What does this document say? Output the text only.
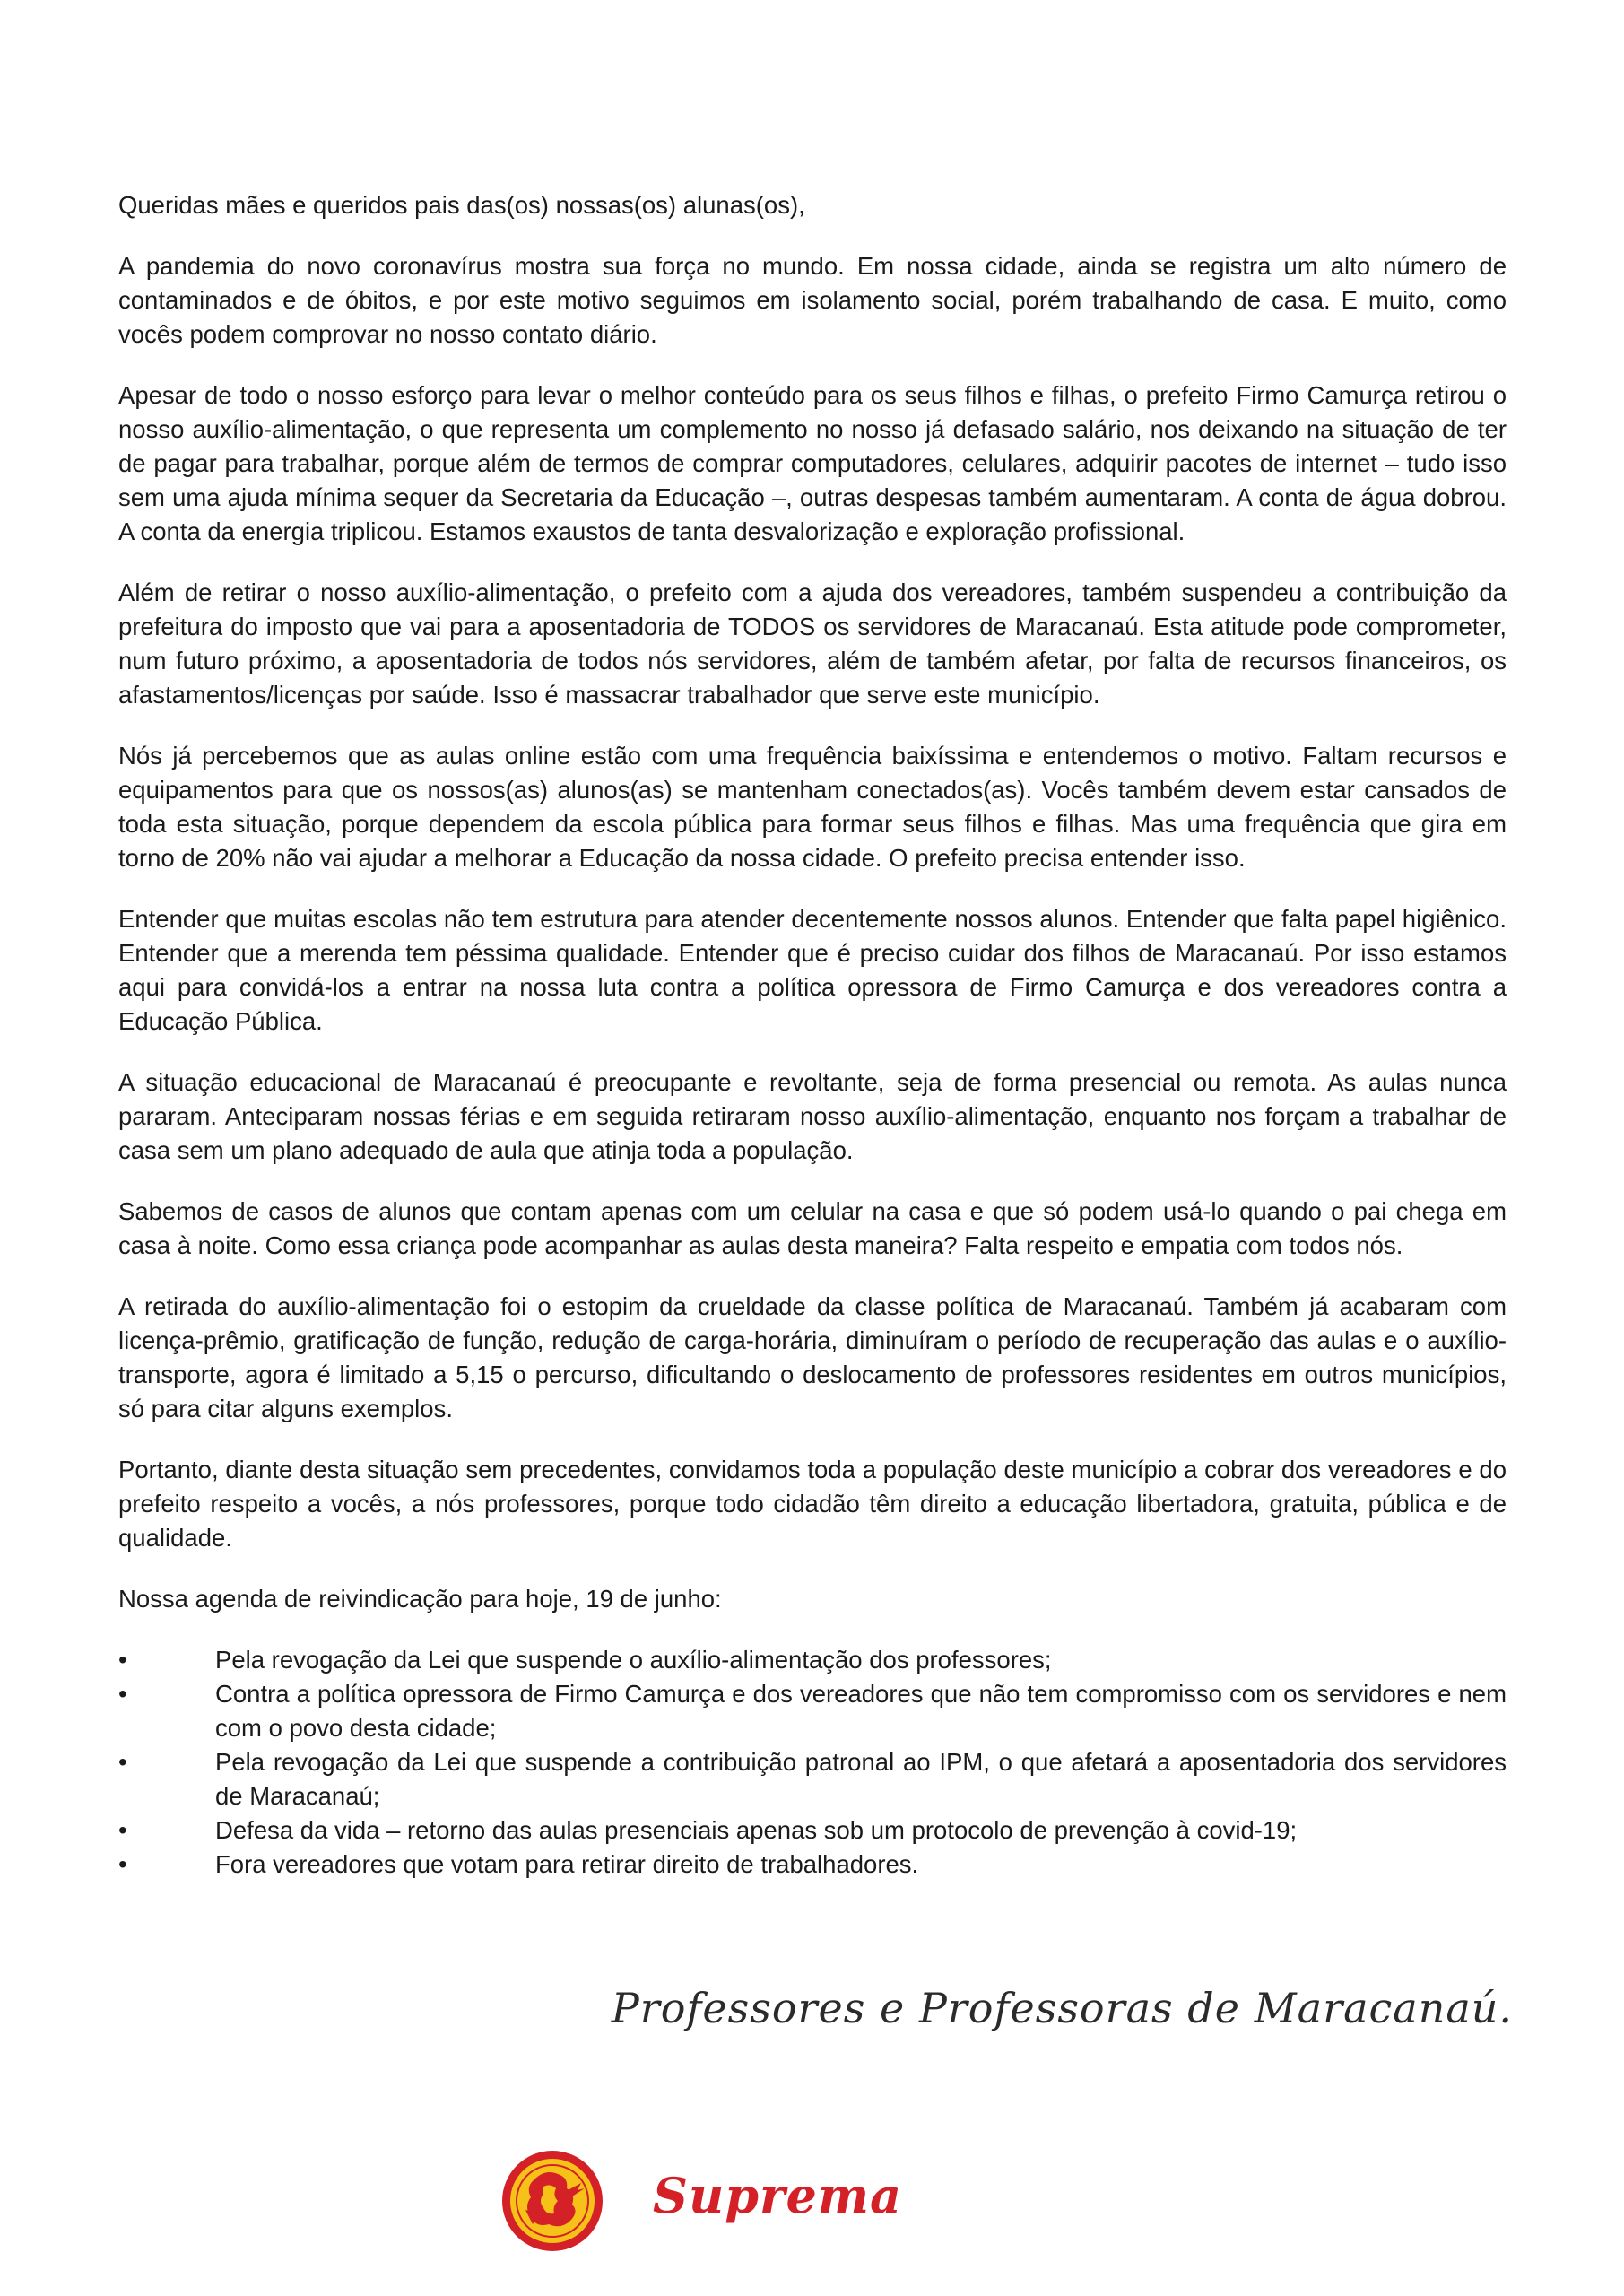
Queridas mães e queridos pais das(os) nossas(os) alunas(os),

A pandemia do novo coronavírus mostra sua força no mundo. Em nossa cidade, ainda se registra um alto número de contaminados e de óbitos, e por este motivo seguimos em isolamento social, porém trabalhando de casa. E muito, como vocês podem comprovar no nosso contato diário.

Apesar de todo o nosso esforço para levar o melhor conteúdo para os seus filhos e filhas, o prefeito Firmo Camurça retirou o nosso auxílio-alimentação, o que representa um complemento no nosso já defasado salário, nos deixando na situação de ter de pagar para trabalhar, porque além de termos de comprar computadores, celulares, adquirir pacotes de internet – tudo isso sem uma ajuda mínima sequer da Secretaria da Educação –, outras despesas também aumentaram. A conta de água dobrou. A conta da energia triplicou. Estamos exaustos de tanta desvalorização e exploração profissional.

Além de retirar o nosso auxílio-alimentação, o prefeito com a ajuda dos vereadores, também suspendeu a contribuição da prefeitura do imposto que vai para a aposentadoria de TODOS os servidores de Maracanaú. Esta atitude pode comprometer, num futuro próximo, a aposentadoria de todos nós servidores, além de também afetar, por falta de recursos financeiros, os afastamentos/licenças por saúde. Isso é massacrar trabalhador que serve este município.

Nós já percebemos que as aulas online estão com uma frequência baixíssima e entendemos o motivo. Faltam recursos e equipamentos para que os nossos(as) alunos(as) se mantenham conectados(as). Vocês também devem estar cansados de toda esta situação, porque dependem da escola pública para formar seus filhos e filhas. Mas uma frequência que gira em torno de 20% não vai ajudar a melhorar a Educação da nossa cidade. O prefeito precisa entender isso.

Entender que muitas escolas não tem estrutura para atender decentemente nossos alunos. Entender que falta papel higiênico. Entender que a merenda tem péssima qualidade. Entender que é preciso cuidar dos filhos de Maracanaú. Por isso estamos aqui para convidá-los a entrar na nossa luta contra a política opressora de Firmo Camurça e dos vereadores contra a Educação Pública.

A situação educacional de Maracanaú é preocupante e revoltante, seja de forma presencial ou remota. As aulas nunca pararam. Anteciparam nossas férias e em seguida retiraram nosso auxílio-alimentação, enquanto nos forçam a trabalhar de casa sem um plano adequado de aula que atinja toda a população.

Sabemos de casos de alunos que contam apenas com um celular na casa e que só podem usá-lo quando o pai chega em casa à noite. Como essa criança pode acompanhar as aulas desta maneira? Falta respeito e empatia com todos nós.

A retirada do auxílio-alimentação foi o estopim da crueldade da classe política de Maracanaú. Também já acabaram com licença-prêmio, gratificação de função, redução de carga-horária, diminuíram o período de recuperação das aulas e o auxílio-transporte, agora é limitado a 5,15 o percurso, dificultando o deslocamento de professores residentes em outros municípios, só para citar alguns exemplos.

Portanto, diante desta situação sem precedentes, convidamos toda a população deste município a cobrar dos vereadores e do prefeito respeito a vocês, a nós professores, porque todo cidadão têm direito a educação libertadora, gratuita, pública e de qualidade.

Nossa agenda de reivindicação para hoje, 19 de junho:

•	Pela revogação da Lei que suspende o auxílio-alimentação dos professores;
•	Contra a política opressora de Firmo Camurça e dos vereadores que não tem compromisso com os servidores e nem com o povo desta cidade;
•	Pela revogação da Lei que suspende a contribuição patronal ao IPM, o que afetará a aposentadoria dos servidores de Maracanaú;
•	Defesa da vida – retorno das aulas presenciais apenas sob um protocolo de prevenção à covid-19;
•	Fora vereadores que votam para retirar direito de trabalhadores.
Professores e Professoras de Maracanaú.
Suprema
